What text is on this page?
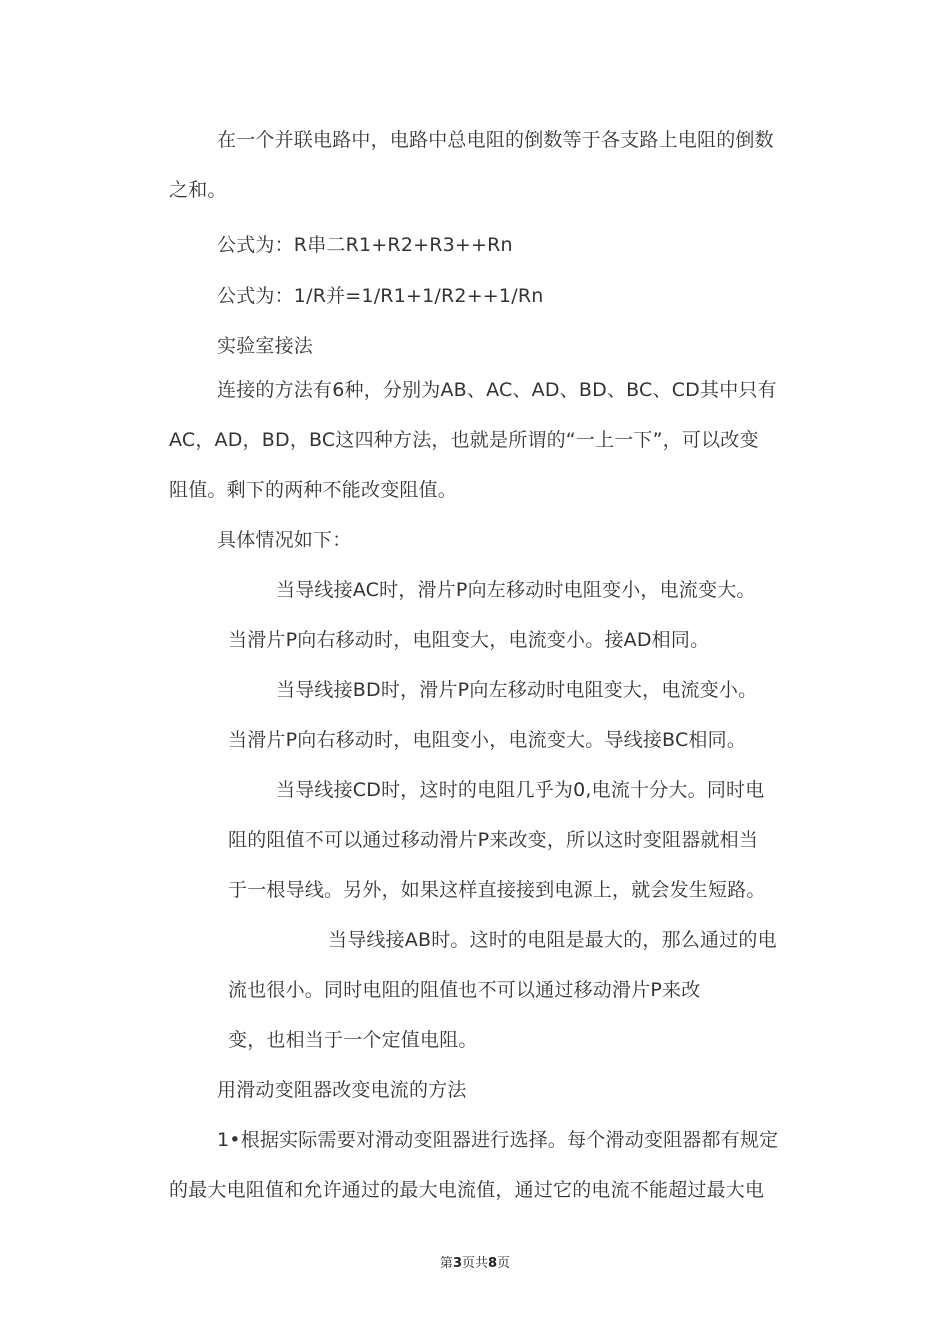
在一个并联电路中，电路中总电阻的倒数等于各支路上电阻的倒数
之和。
公式为：R串二R1+R2+R3++Rn
公式为：1/R并=1/R1+1/R2++1/Rn
实验室接法
连接的方法有6种，分别为AB、AC、AD、BD、BC、CD其中只有
AC，AD，BD，BC这四种方法，也就是所谓的“一上一下”，可以改变
阻值。剩下的两种不能改变阻值。
具体情况如下：
当导线接AC时，滑片P向左移动时电阻变小，电流变大。
当滑片P向右移动时，电阻变大，电流变小。接AD相同。
当导线接BD时，滑片P向左移动时电阻变大，电流变小。
当滑片P向右移动时，电阻变小，电流变大。导线接BC相同。
当导线接CD时，这时的电阻几乎为0,电流十分大。同时电
阻的阻值不可以通过移动滑片P来改变，所以这时变阻器就相当
于一根导线。另外，如果这样直接接到电源上，就会发生短路。
当导线接AB时。这时的电阻是最大的，那么通过的电
流也很小。同时电阻的阻值也不可以通过移动滑片P来改
变，也相当于一个定值电阻。
用滑动变阻器改变电流的方法
1•根据实际需要对滑动变阻器进行选择。每个滑动变阻器都有规定
的最大电阻值和允许通过的最大电流值，通过它的电流不能超过最大电
第3页共8页
